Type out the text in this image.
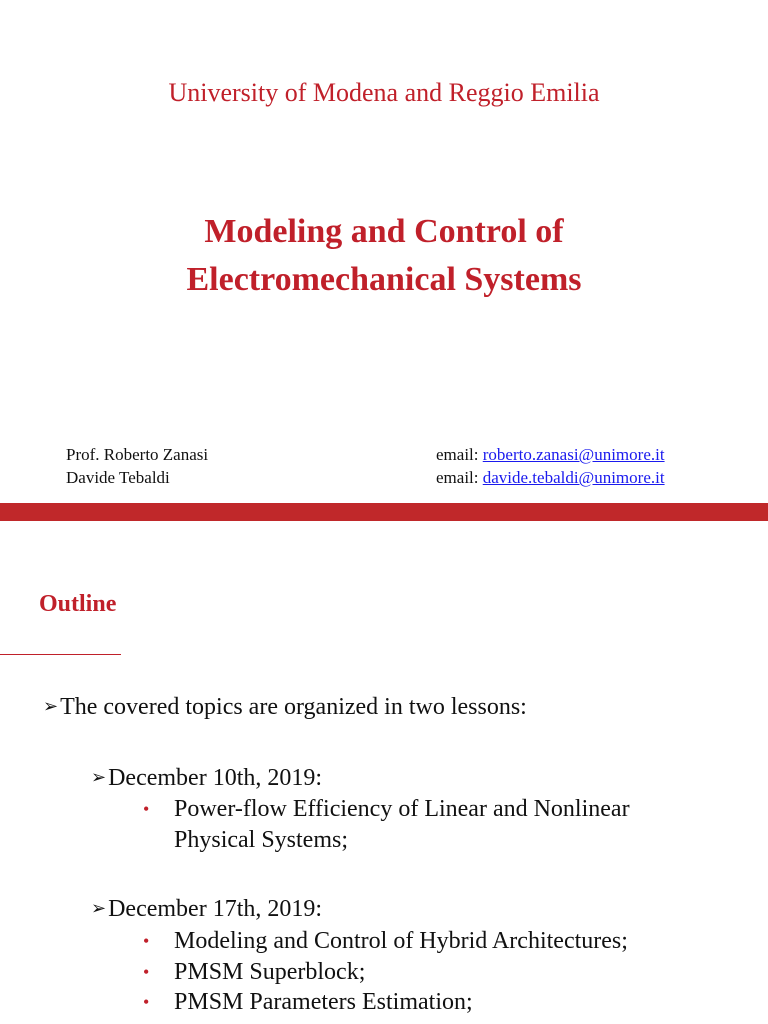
University of Modena and Reggio Emilia
Modeling and Control of
Electromechanical Systems
Prof. Roberto Zanasi
Davide Tebaldi
email: roberto.zanasi@unimore.it
email: davide.tebaldi@unimore.it
Outline
➢The covered topics are organized in two lessons:
➢December 10th, 2019:
• Power-flow Efficiency of Linear and Nonlinear
Physical Systems;
➢December 17th, 2019:
• Modeling and Control of Hybrid Architectures;
• PMSM Superblock;
• PMSM Parameters Estimation;
